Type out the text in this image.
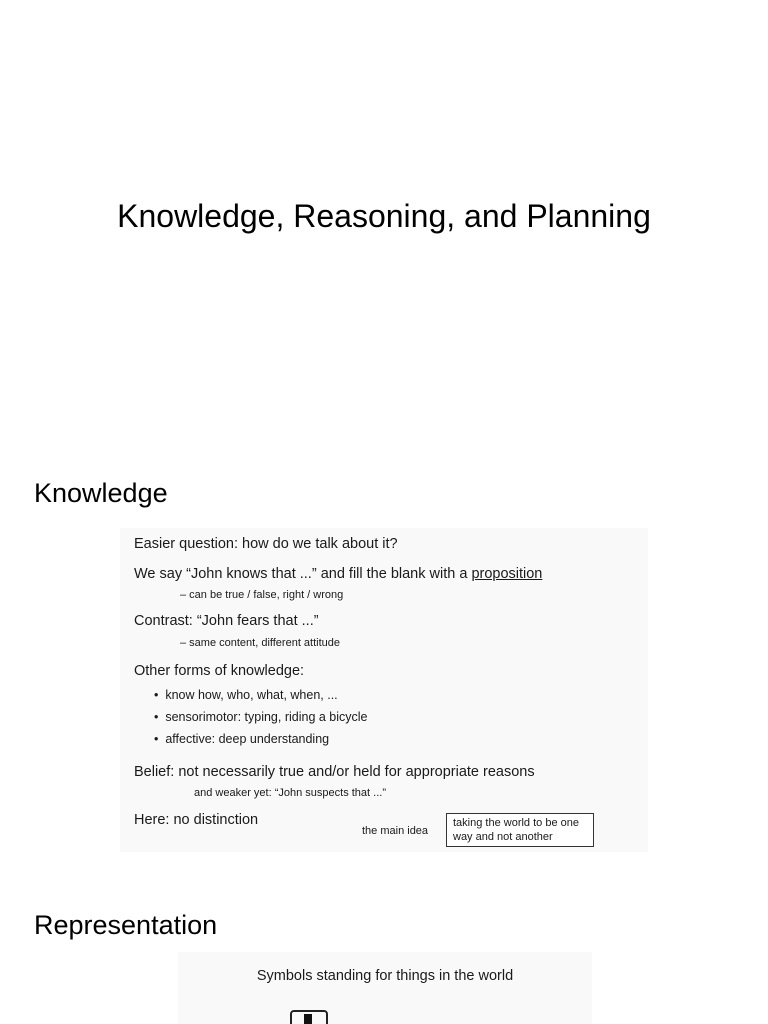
Knowledge, Reasoning, and Planning
Knowledge
Easier question: how do we talk about it?
We say “John knows that ...” and fill the blank with a proposition
– can be true / false, right / wrong
Contrast: “John fears that ...”
– same content, different attitude
Other forms of knowledge:
•  know how, who, what, when, ...
•  sensorimotor: typing, riding a bicycle
•  affective: deep understanding
Belief: not necessarily true and/or held for appropriate reasons
and weaker yet: “John suspects that ...”
Here: no distinction
the main idea
taking the world to be one way and not another
Representation
Symbols standing for things in the world
